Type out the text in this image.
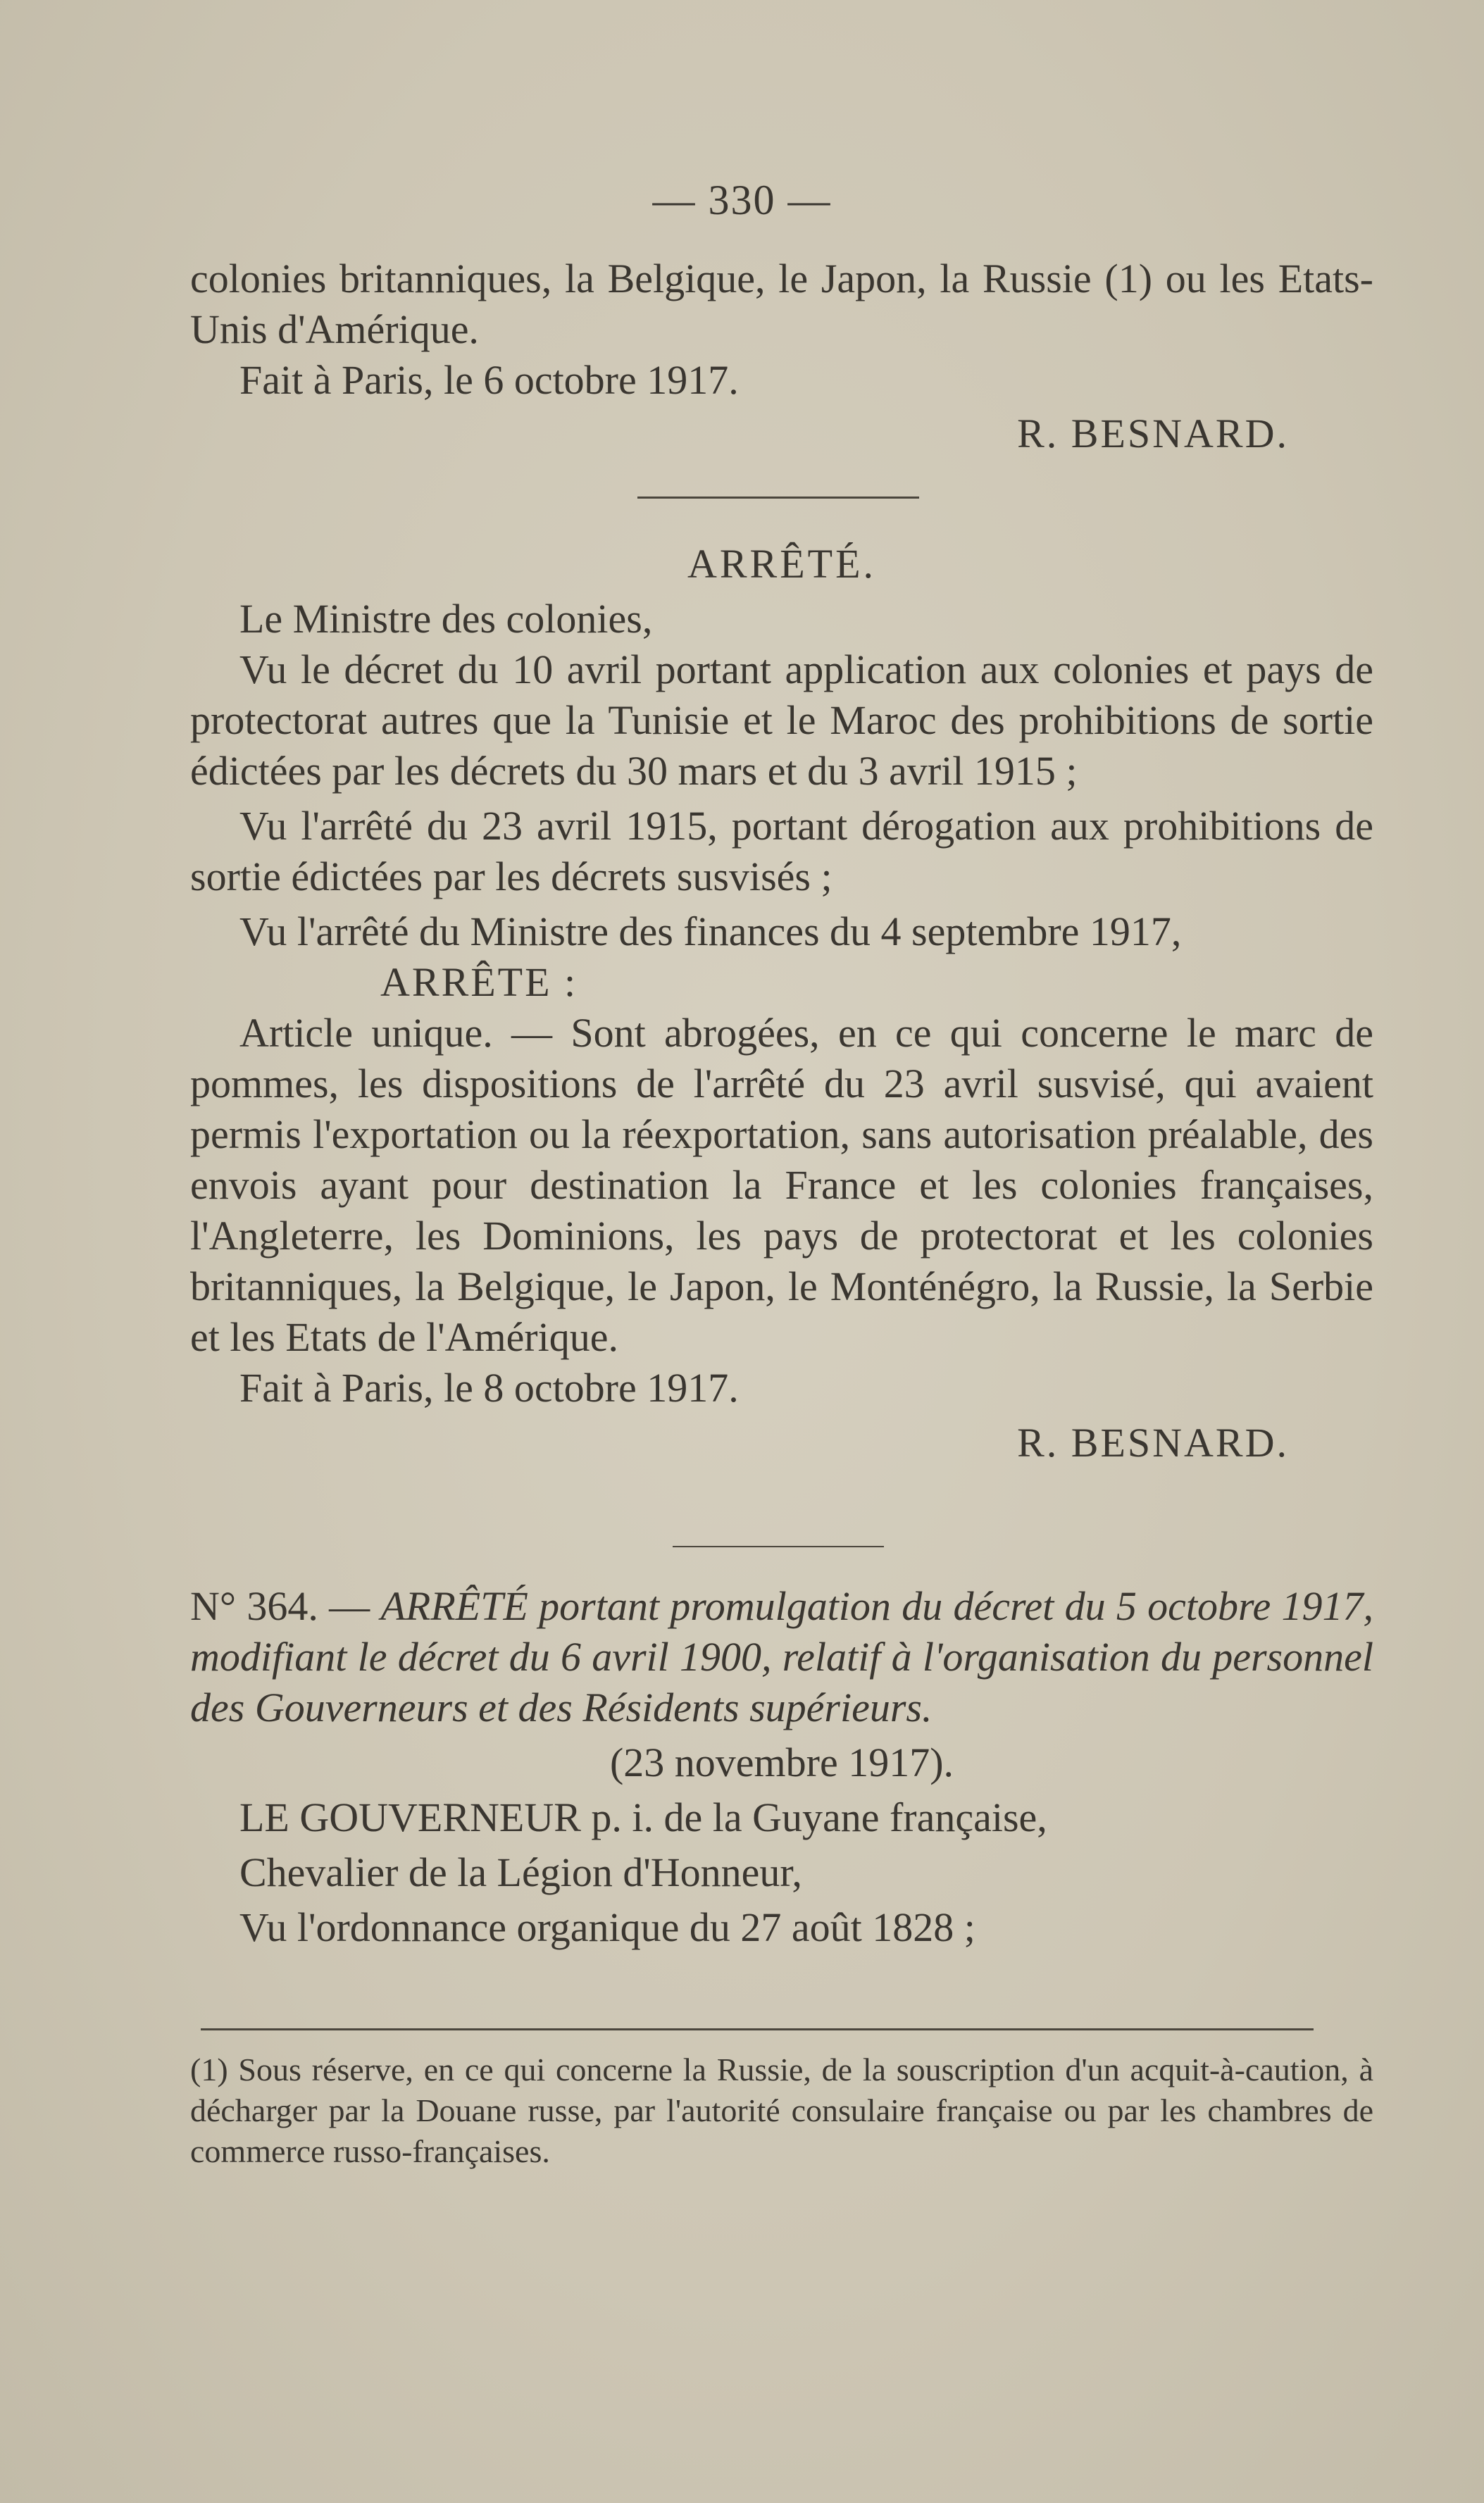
— 330 —

colonies britanniques, la Belgique, le Japon, la Russie (1) ou les Etats-Unis d'Amérique.

Fait à Paris, le 6 octobre 1917.

R. BESNARD.

ARRÊTÉ.

Le Ministre des colonies,

Vu le décret du 10 avril portant application aux colonies et pays de protectorat autres que la Tunisie et le Maroc des prohibitions de sortie édictées par les décrets du 30 mars et du 3 avril 1915 ;

Vu l'arrêté du 23 avril 1915, portant dérogation aux prohibitions de sortie édictées par les décrets susvisés ;

Vu l'arrêté du Ministre des finances du 4 septembre 1917,

ARRÊTE :

Article unique. — Sont abrogées, en ce qui concerne le marc de pommes, les dispositions de l'arrêté du 23 avril susvisé, qui avaient permis l'exportation ou la réexportation, sans autorisation préalable, des envois ayant pour destination la France et les colonies françaises, l'Angleterre, les Dominions, les pays de protectorat et les colonies britanniques, la Belgique, le Japon, le Monténégro, la Russie, la Serbie et les Etats de l'Amérique.

Fait à Paris, le 8 octobre 1917.

R. BESNARD.

N° 364. — ARRÊTÉ portant promulgation du décret du 5 octobre 1917, modifiant le décret du 6 avril 1900, relatif à l'organisation du personnel des Gouverneurs et des Résidents supérieurs.

(23 novembre 1917).

LE GOUVERNEUR p. i. de la Guyane française,

Chevalier de la Légion d'Honneur,

Vu l'ordonnance organique du 27 août 1828 ;

(1) Sous réserve, en ce qui concerne la Russie, de la souscription d'un acquit-à-caution, à décharger par la Douane russe, par l'autorité consulaire française ou par les chambres de commerce russo-françaises.
